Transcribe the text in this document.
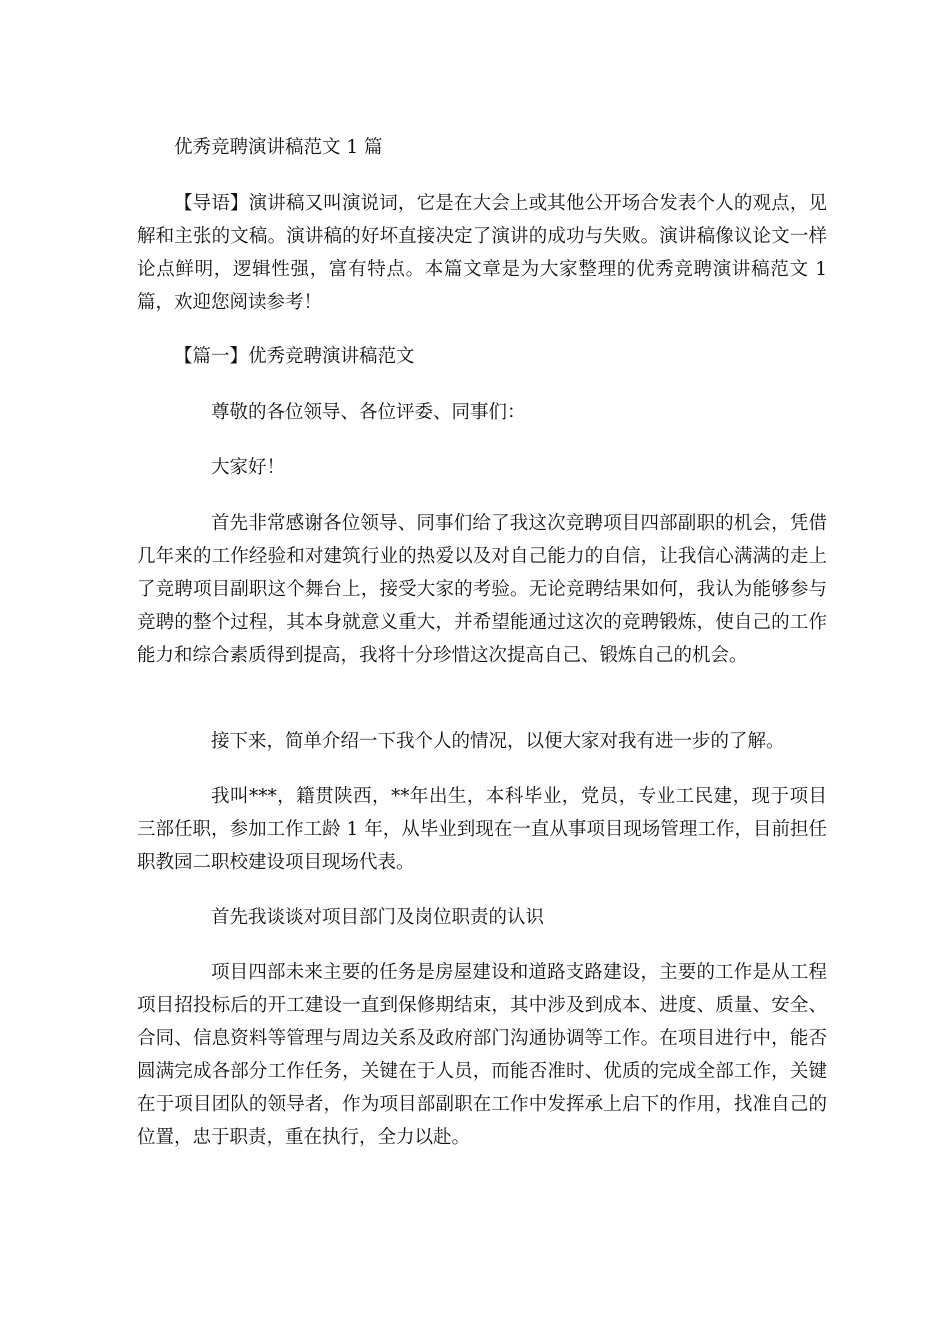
优秀竞聘演讲稿范文 1 篇

【导语】演讲稿又叫演说词，它是在大会上或其他公开场合发表个人的观点，见解和主张的文稿。演讲稿的好坏直接决定了演讲的成功与失败。演讲稿像议论文一样论点鲜明，逻辑性强，富有特点。本篇文章是为大家整理的优秀竞聘演讲稿范文 1 篇，欢迎您阅读参考！

【篇一】优秀竞聘演讲稿范文

尊敬的各位领导、各位评委、同事们：

大家好！

首先非常感谢各位领导、同事们给了我这次竞聘项目四部副职的机会，凭借几年来的工作经验和对建筑行业的热爱以及对自己能力的自信，让我信心满满的走上了竞聘项目副职这个舞台上，接受大家的考验。无论竞聘结果如何，我认为能够参与竞聘的整个过程，其本身就意义重大，并希望能通过这次的竞聘锻炼，使自己的工作能力和综合素质得到提高，我将十分珍惜这次提高自己、锻炼自己的机会。

接下来，简单介绍一下我个人的情况，以便大家对我有进一步的了解。

我叫***，籍贯陕西，**年出生，本科毕业，党员，专业工民建，现于项目三部任职，参加工作工龄 1 年，从毕业到现在一直从事项目现场管理工作，目前担任职教园二职校建设项目现场代表。

首先我谈谈对项目部门及岗位职责的认识

项目四部未来主要的任务是房屋建设和道路支路建设，主要的工作是从工程项目招投标后的开工建设一直到保修期结束，其中涉及到成本、进度、质量、安全、合同、信息资料等管理与周边关系及政府部门沟通协调等工作。在项目进行中，能否圆满完成各部分工作任务，关键在于人员，而能否准时、优质的完成全部工作，关键在于项目团队的领导者，作为项目部副职在工作中发挥承上启下的作用，找准自己的位置，忠于职责，重在执行，全力以赴。
